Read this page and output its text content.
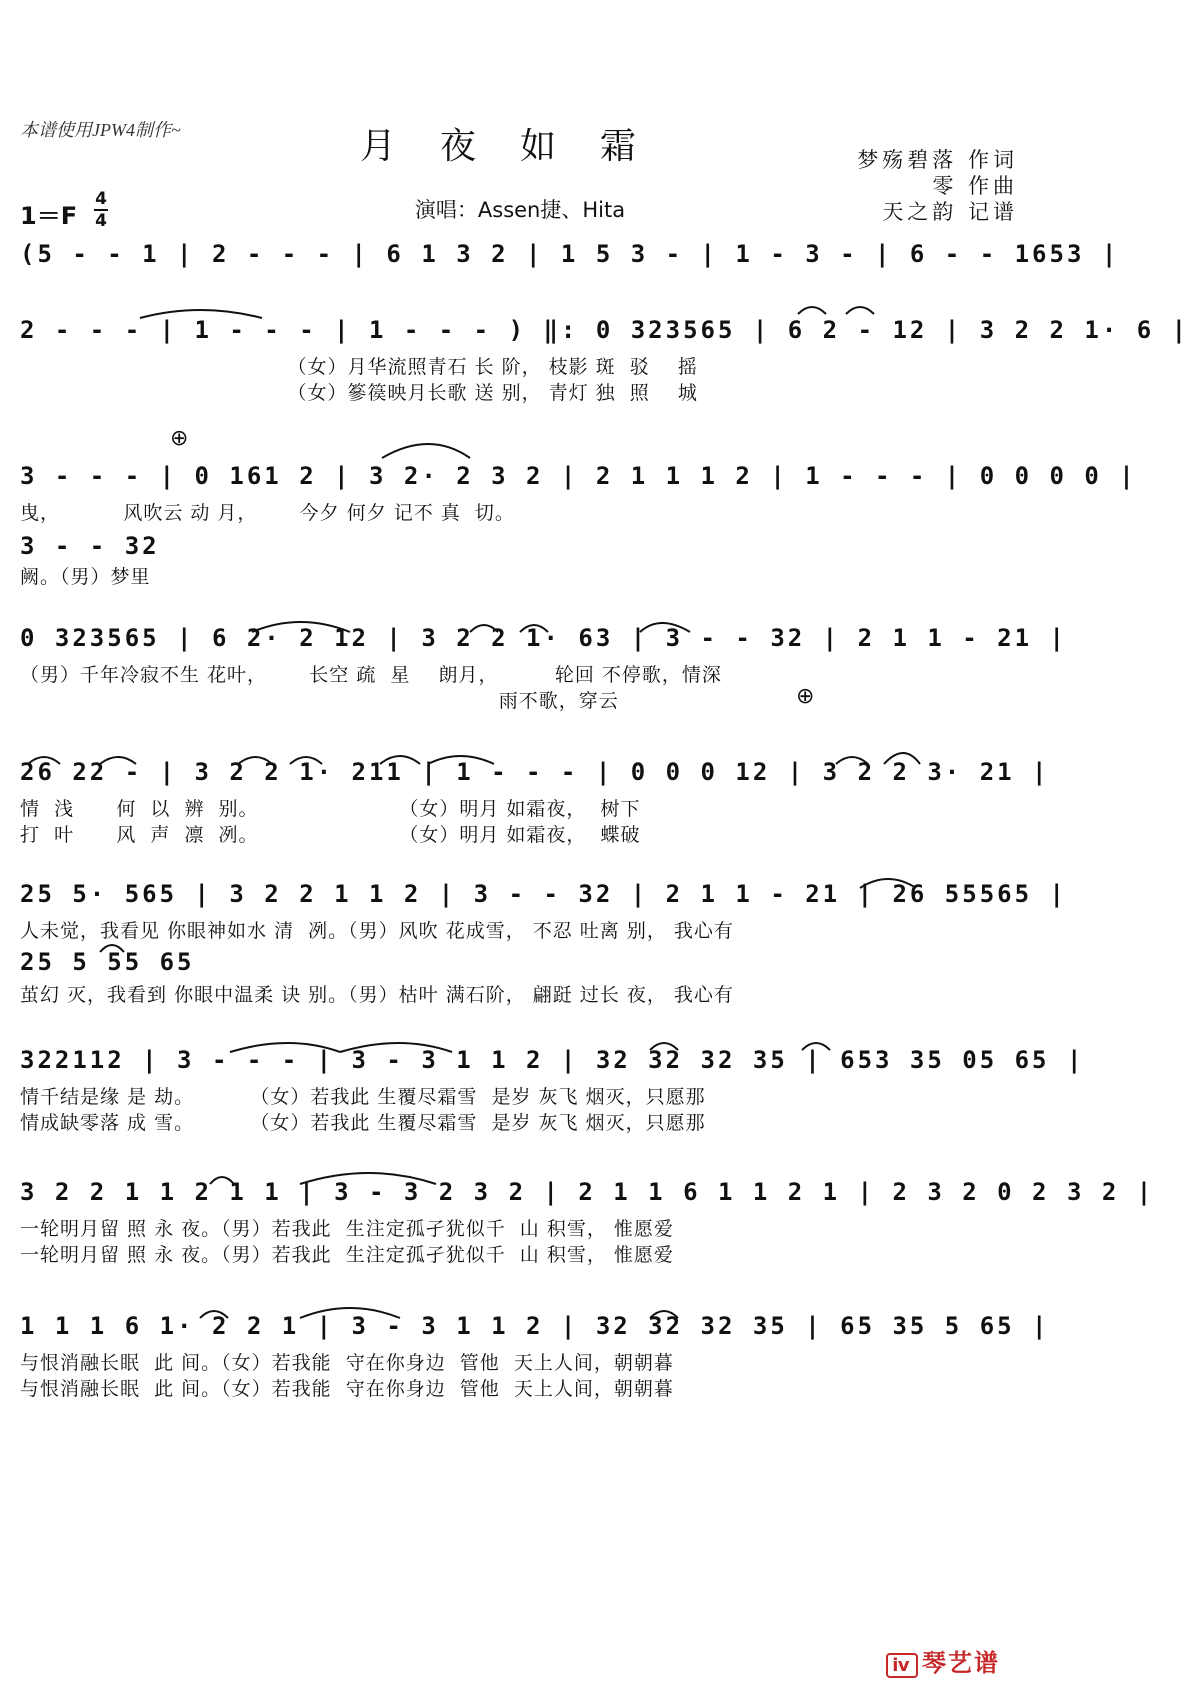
本谱使用JPW4制作~	月夜如霜	梦殇碧落 作词
零 作曲
天之韵 记谱
演唱：Assen捷、Hita
1＝F
4
4
(5 - - 1 | 2 - - - | 6 1 3 2 | 1 5 3 - | 1 - 3 - | 6 - - 1653 |
2 - - - | 1 - - - | 1 - - - ) ‖: 0 323565 | 6 2 - 12 | 3 2 2 1· 6 |
（女）月华流照青石 长 阶， 枝影 斑  驳    摇
（女）篸篌映月长歌 送 别， 青灯 独  照    城
⊕
3 - - - | 0 161 2 | 3 2· 2 3 2 | 2 1 1 1 2 | 1 - - - | 0 0 0 0 |
曳，         风吹云 动 月，      今夕 何夕 记不 真  切。
3 - - 32
阙。（男）梦里
0 323565 | 6 2· 2 12 | 3 2 2 1· 63 | 3 - - 32 | 2 1 1 - 21 |
（男）千年冷寂不生 花叶，      长空 疏  星    朗月，        轮回 不停歌，情深
雨不歌，穿云	⊕
26 22 - | 3 2 2 1· 211 | 1 - - - | 0 0 0 12 | 3 2 2 3· 21 |
情  浅      何  以  辨  别。                    （女）明月 如霜夜，  树下
打  叶      风  声  凛  冽。                    （女）明月 如霜夜，  蝶破
25 5· 565 | 3 2 2 1 1 2 | 3 - - 32 | 2 1 1 - 21 | 26 55565 |
人未觉，我看见 你眼神如水 清  冽。（男）风吹 花成雪， 不忍 吐离 别， 我心有
25 5 55 65
茧幻 灭，我看到 你眼中温柔 诀 别。（男）枯叶 满石阶， 翩跹 过长 夜， 我心有
322112 | 3 - - - | 3 - 3 1 1 2 | 32 32 32 35 | 653 35 05 65 |
情千结是缘 是 劫。        （女）若我此 生覆尽霜雪  是岁 灰飞 烟灭，只愿那
情成缺零落 成 雪。        （女）若我此 生覆尽霜雪  是岁 灰飞 烟灭，只愿那
3 2 2 1 1 2 1 1 | 3 - 3 2 3 2 | 2 1 1 6 1 1 2 1 | 2 3 2 0 2 3 2 |
一轮明月留 照 永 夜。（男）若我此  生注定孤孑犹似千  山 积雪， 惟愿爱
一轮明月留 照 永 夜。（男）若我此  生注定孤孑犹似千  山 积雪， 惟愿爱
1 1 1 6 1· 2 2 1 | 3 - 3 1 1 2 | 32 32 32 35 | 65 35 5 65 |
与恨消融长眠  此 间。（女）若我能  守在你身边  管他  天上人间，朝朝暮
与恨消融长眠  此 间。（女）若我能  守在你身边  管他  天上人间，朝朝暮
ⅳ 琴艺谱
